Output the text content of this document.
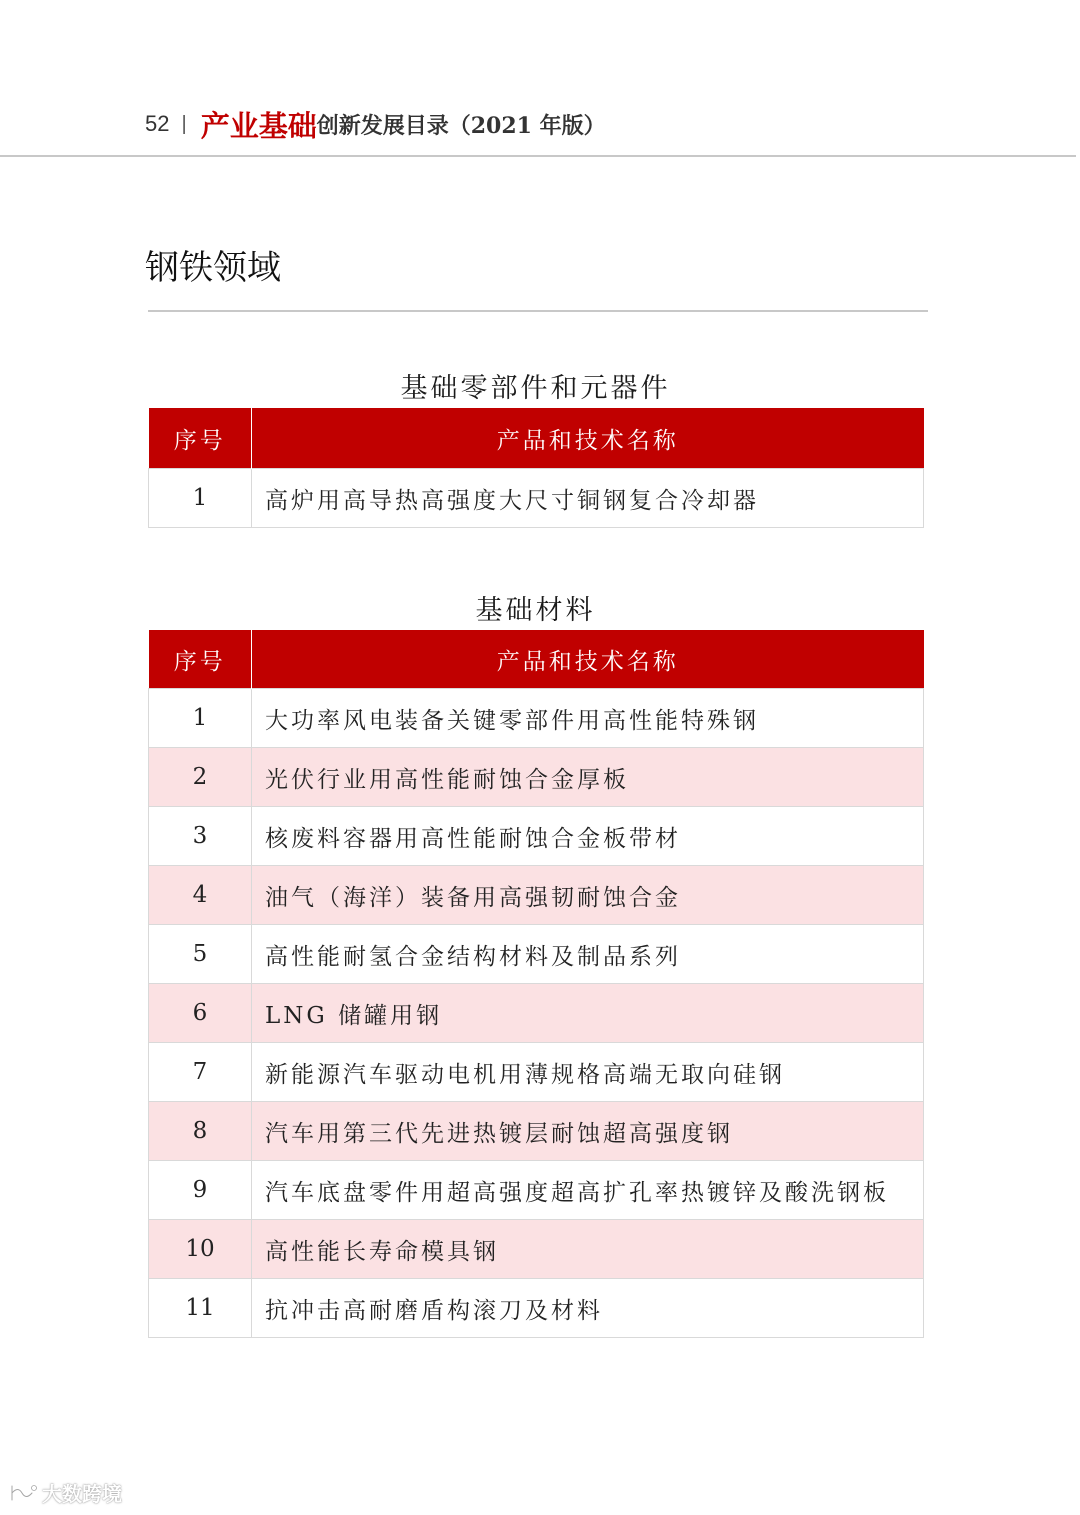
52 | 产业基础 创新发展目录（2021 年版）
钢铁领域
基础零部件和元器件
序号	产品和技术名称
1	高炉用高导热高强度大尺寸铜钢复合冷却器
基础材料
序号	产品和技术名称
1	大功率风电装备关键零部件用高性能特殊钢
2	光伏行业用高性能耐蚀合金厚板
3	核废料容器用高性能耐蚀合金板带材
4	油气（海洋）装备用高强韧耐蚀合金
5	高性能耐氢合金结构材料及制品系列
6	LNG 储罐用钢
7	新能源汽车驱动电机用薄规格高端无取向硅钢
8	汽车用第三代先进热镀层耐蚀超高强度钢
9	汽车底盘零件用超高强度超高扩孔率热镀锌及酸洗钢板
10	高性能长寿命模具钢
11	抗冲击高耐磨盾构滚刀及材料
大数跨境
